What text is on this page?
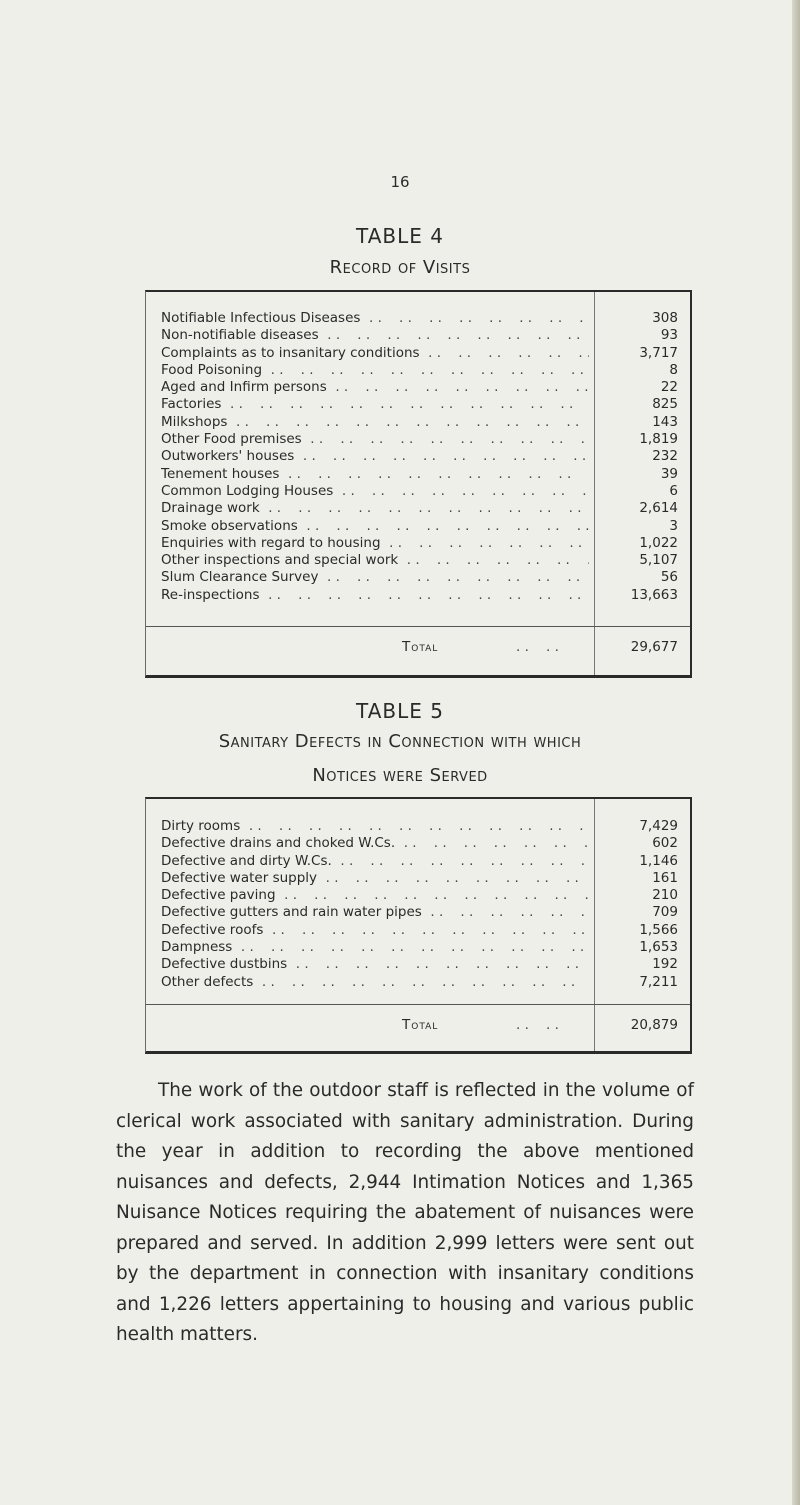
16
TABLE 4
Record of Visits
Notifiable Infectious Diseases . .	308
Non-notifiable diseases . .	93
Complaints as to insanitary conditions . .	3,717
Food Poisoning . .	8
Aged and Infirm persons . .	22
Factories . .	825
Milkshops . .	143
Other Food premises . .	1,819
Outworkers' houses . .	232
Tenement houses . .	39
Common Lodging Houses . .	6
Drainage work . .	2,614
Smoke observations . .	3
Enquiries with regard to housing . .	1,022
Other inspections and special work . .	5,107
Slum Clearance Survey . .	56
Re-inspections . .	13,663
Total	. .    . .	29,677
TABLE 5
Sanitary Defects in Connection with which
Notices were Served
Dirty rooms . .	7,429
Defective drains and choked W.Cs. . .	602
Defective and dirty W.Cs. . .	1,146
Defective water supply . .	161
Defective paving . .	210
Defective gutters and rain water pipes . .	709
Defective roofs . .	1,566
Dampness . .	1,653
Defective dustbins . .	192
Other defects . .	7,211
Total	. .    . .	20,879

The work of the outdoor staff is reflected in the volume of clerical work associated with sanitary administration. During the year in addition to recording the above mentioned nuisances and defects, 2,944 Intimation Notices and 1,365 Nuisance Notices requiring the abatement of nuisances were prepared and served. In addition 2,999 letters were sent out by the department in connection with insanitary conditions and 1,226 letters appertaining to housing and various public health matters.
